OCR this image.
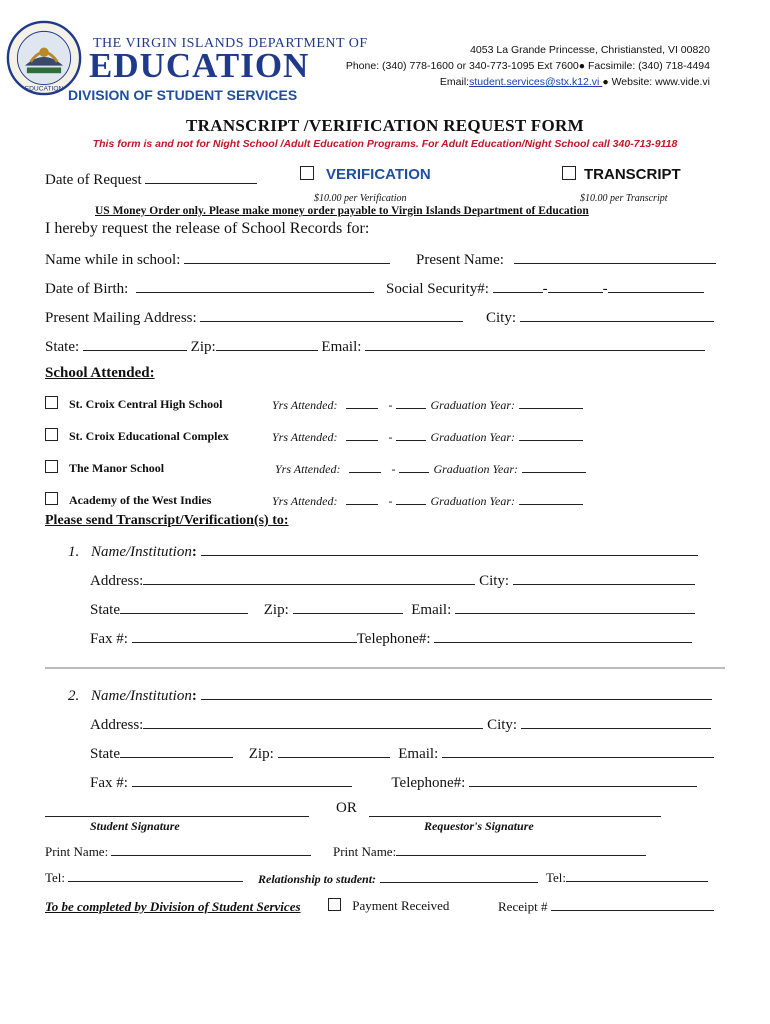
EDUCATION
THE VIRGIN ISLANDS DEPARTMENT OF
EDUCATION
DIVISION OF STUDENT SERVICES
4053 La Grande Princesse, Christiansted, VI 00820
Phone: (340) 778-1600 or 340-773-1095 Ext 7600● Facsimile: (340) 718-4494
Email:student.services@stx.k12.vi ● Website: www.vide.vi
TRANSCRIPT /VERIFICATION REQUEST FORM
This form is and not for Night School /Adult Education Programs. For Adult Education/Night School call 340-713-9118
Date of Request	VERIFICATION	TRANSCRIPT
$10.00 per Verification	$10.00 per Transcript
US Money Order only. Please make money order payable to Virgin Islands Department of Education
I hereby request the release of School Records for:
Name while in school:	Present Name:
Date of Birth:	Social Security#:	-	-
Present Mailing Address:	City:
State:	Zip:	Email:
School Attended:
St. Croix Central High School	Yrs Attended:	-	Graduation Year:
St. Croix Educational Complex	Yrs Attended:	-	Graduation Year:
The Manor School	Yrs Attended:	-	Graduation Year:
Academy of the West Indies	Yrs Attended:	-	Graduation Year:
Please send Transcript/Verification(s) to:
1. Name/Institution:
Address:	City:
State	Zip:	Email:
Fax #:	Telephone#:
2. Name/Institution:
Address:	City:
State	Zip:	Email:
Fax #:	Telephone#:
OR
Student Signature	Requestor's Signature
Print Name:	Print Name:
Tel:	Relationship to student:	Tel:
To be completed by Division of Student Services	Payment Received	Receipt #
